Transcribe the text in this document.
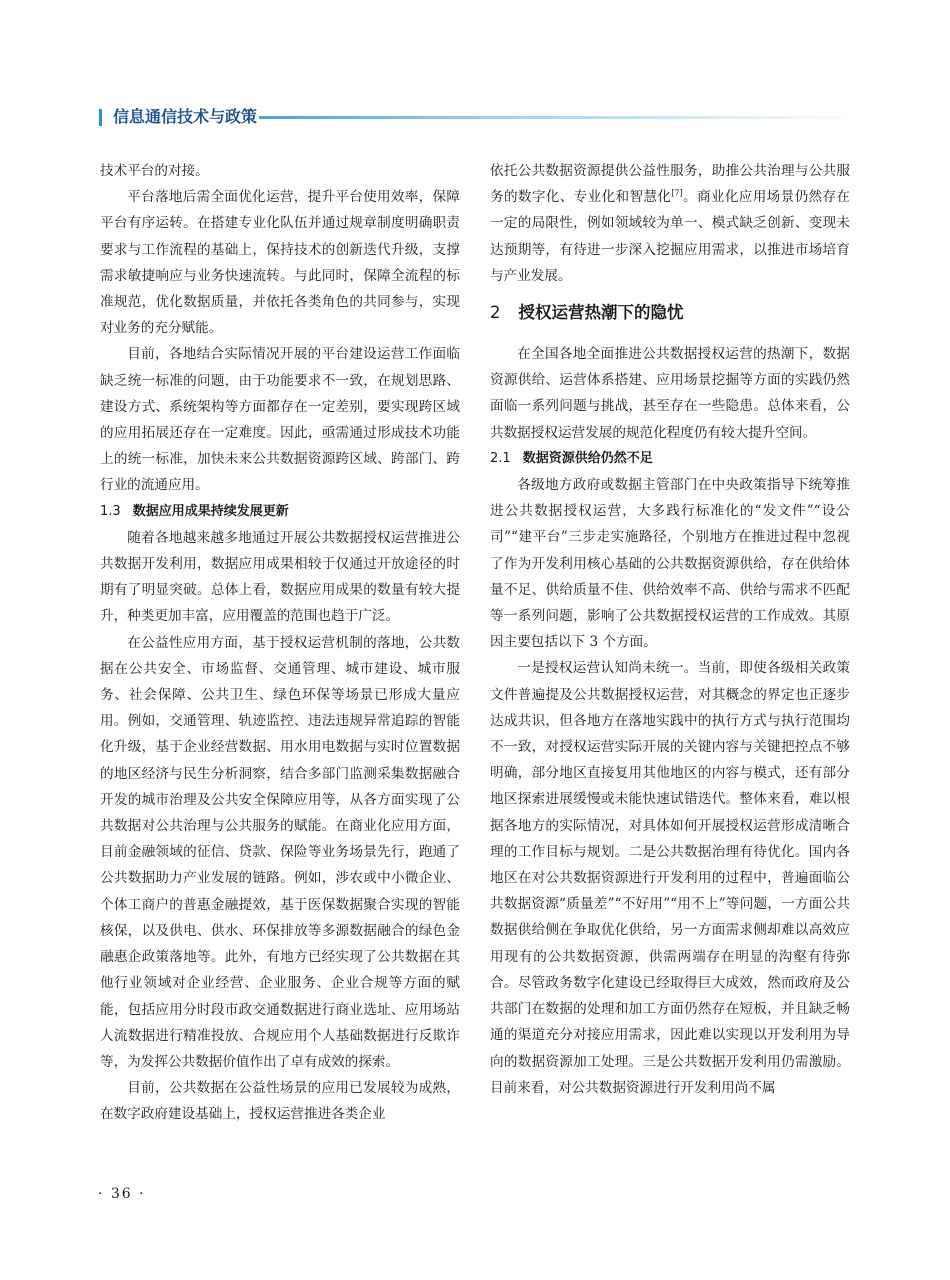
信息通信技术与政策

技术平台的对接。

平台落地后需全面优化运营，提升平台使用效率，保障平台有序运转。在搭建专业化队伍并通过规章制度明确职责要求与工作流程的基础上，保持技术的创新迭代升级，支撑需求敏捷响应与业务快速流转。与此同时，保障全流程的标准规范，优化数据质量，并依托各类角色的共同参与，实现对业务的充分赋能。

目前，各地结合实际情况开展的平台建设运营工作面临缺乏统一标准的问题，由于功能要求不一致，在规划思路、建设方式、系统架构等方面都存在一定差别，要实现跨区域的应用拓展还存在一定难度。因此，亟需通过形成技术功能上的统一标准，加快未来公共数据资源跨区域、跨部门、跨行业的流通应用。

1.3 数据应用成果持续发展更新

随着各地越来越多地通过开展公共数据授权运营推进公共数据开发利用，数据应用成果相较于仅通过开放途径的时期有了明显突破。总体上看，数据应用成果的数量有较大提升，种类更加丰富，应用覆盖的范围也趋于广泛。

在公益性应用方面，基于授权运营机制的落地，公共数据在公共安全、市场监督、交通管理、城市建设、城市服务、社会保障、公共卫生、绿色环保等场景已形成大量应用。例如，交通管理、轨迹监控、违法违规异常追踪的智能化升级，基于企业经营数据、用水用电数据与实时位置数据的地区经济与民生分析洞察，结合多部门监测采集数据融合开发的城市治理及公共安全保障应用等，从各方面实现了公共数据对公共治理与公共服务的赋能。在商业化应用方面，目前金融领域的征信、贷款、保险等业务场景先行，跑通了公共数据助力产业发展的链路。例如，涉农或中小微企业、个体工商户的普惠金融提效，基于医保数据聚合实现的智能核保，以及供电、供水、环保排放等多源数据融合的绿色金融惠企政策落地等。此外，有地方已经实现了公共数据在其他行业领域对企业经营、企业服务、企业合规等方面的赋能，包括应用分时段市政交通数据进行商业选址、应用场站人流数据进行精准投放、合规应用个人基础数据进行反欺诈等，为发挥公共数据价值作出了卓有成效的探索。

目前，公共数据在公益性场景的应用已发展较为成熟，在数字政府建设基础上，授权运营推进各类企业

依托公共数据资源提供公益性服务，助推公共治理与公共服务的数字化、专业化和智慧化[7]。商业化应用场景仍然存在一定的局限性，例如领域较为单一、模式缺乏创新、变现未达预期等，有待进一步深入挖掘应用需求，以推进市场培育与产业发展。

2 授权运营热潮下的隐忧

在全国各地全面推进公共数据授权运营的热潮下，数据资源供给、运营体系搭建、应用场景挖掘等方面的实践仍然面临一系列问题与挑战，甚至存在一些隐患。总体来看，公共数据授权运营发展的规范化程度仍有较大提升空间。

2.1 数据资源供给仍然不足

各级地方政府或数据主管部门在中央政策指导下统筹推进公共数据授权运营，大多践行标准化的“发文件”“设公司”“建平台”三步走实施路径，个别地方在推进过程中忽视了作为开发利用核心基础的公共数据资源供给，存在供给体量不足、供给质量不佳、供给效率不高、供给与需求不匹配等一系列问题，影响了公共数据授权运营的工作成效。其原因主要包括以下 3 个方面。

一是授权运营认知尚未统一。当前，即使各级相关政策文件普遍提及公共数据授权运营，对其概念的界定也正逐步达成共识，但各地方在落地实践中的执行方式与执行范围均不一致，对授权运营实际开展的关键内容与关键把控点不够明确，部分地区直接复用其他地区的内容与模式，还有部分地区探索进展缓慢或未能快速试错迭代。整体来看，难以根据各地方的实际情况，对具体如何开展授权运营形成清晰合理的工作目标与规划。二是公共数据治理有待优化。国内各地区在对公共数据资源进行开发利用的过程中，普遍面临公共数据资源“质量差”“不好用”“用不上”等问题，一方面公共数据供给侧在争取优化供给，另一方面需求侧却难以高效应用现有的公共数据资源，供需两端存在明显的沟壑有待弥合。尽管政务数字化建设已经取得巨大成效，然而政府及公共部门在数据的处理和加工方面仍然存在短板，并且缺乏畅通的渠道充分对接应用需求，因此难以实现以开发利用为导向的数据资源加工处理。三是公共数据开发利用仍需激励。目前来看，对公共数据资源进行开发利用尚不属

· 36 ·
